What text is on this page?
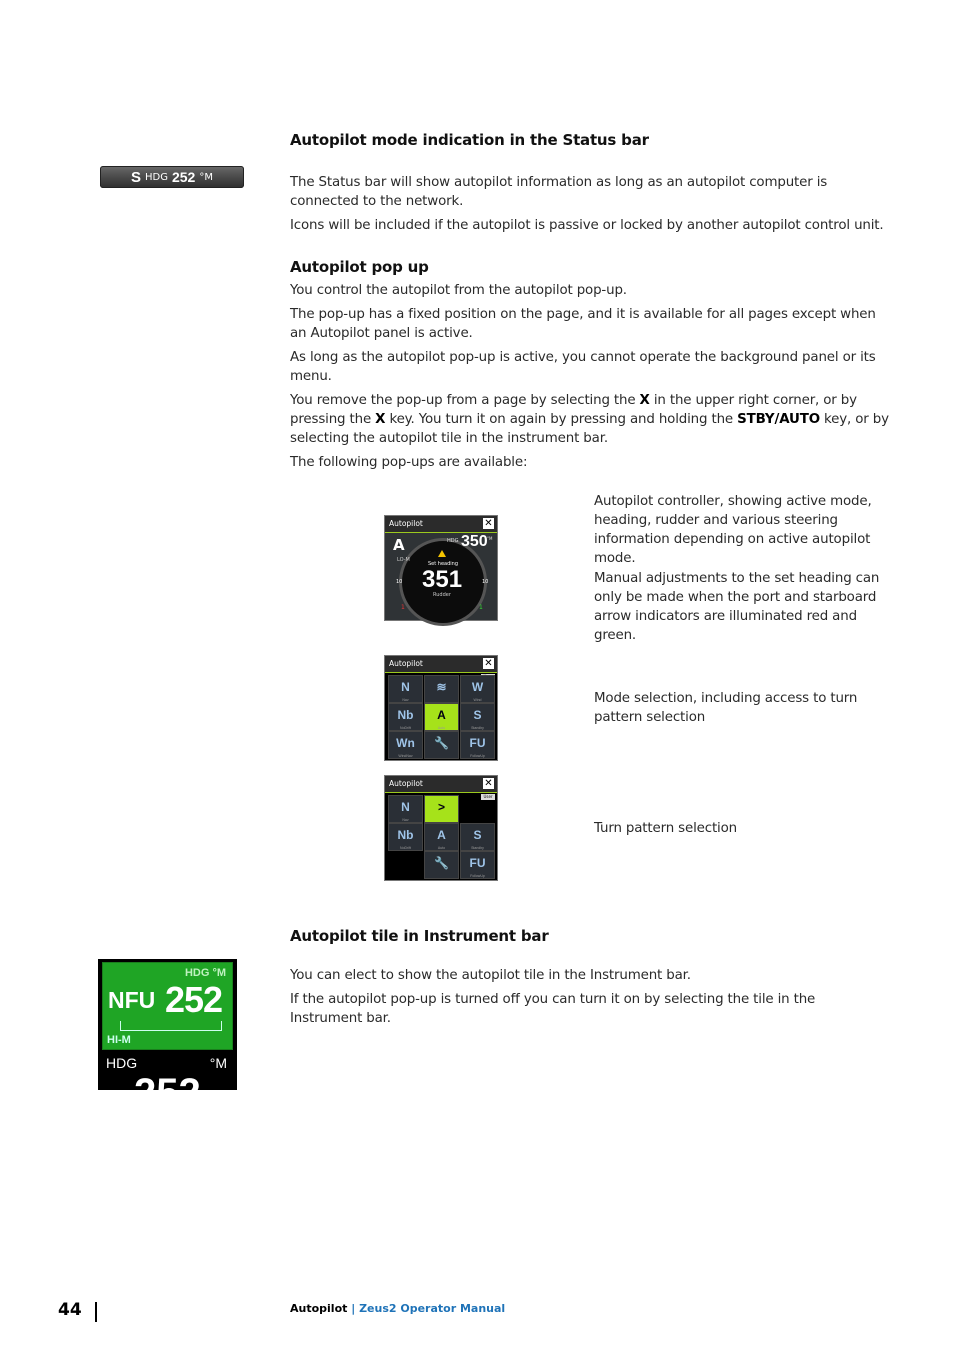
Autopilot mode indication in the Status bar
S HDG 252 °M	The Status bar will show autopilot information as long as an autopilot computer is connected to the network.

Icons will be included if the autopilot is passive or locked by another autopilot control unit.

Autopilot pop up

You control the autopilot from the autopilot pop-up.

The pop-up has a fixed position on the page, and it is available for all pages except when an Autopilot panel is active.

As long as the autopilot pop-up is active, you cannot operate the background panel or its menu.

You remove the pop-up from a page by selecting the X in the upper right corner, or by pressing the X key. You turn it on again by pressing and holding the STBY/AUTO key, or by selecting the autopilot tile in the instrument bar.

The following pop-ups are available:

Autopilot	✕
A
LO-M
HDG 350 °M
Set heading
351
Rudder
10	10
1	1
Autopilot	✕
N
Nav
≋	W
Wind
Nb
NoDrift
A
Auto
S
Standby
Wn
WindNav
🔧	FU
FollowUp
Autopilot	✕
User
N
Nav
>
Nb
NoDrift
A
Auto
S
Standby
🔧	FU
FollowUp

Autopilot controller, showing active mode, heading, rudder and various steering information depending on active autopilot mode.

Manual adjustments to the set heading can only be made when the port and starboard arrow indicators are illuminated red and green.

Mode selection, including access to turn pattern selection

Turn pattern selection

Autopilot tile in Instrument bar
HDG °M
NFU 252
HI-M
HDG	°M
252

You can elect to show the autopilot tile in the Instrument bar.

If the autopilot pop-up is turned off you can turn it on by selecting the tile in the Instrument bar.

44	Autopilot | Zeus2 Operator Manual
